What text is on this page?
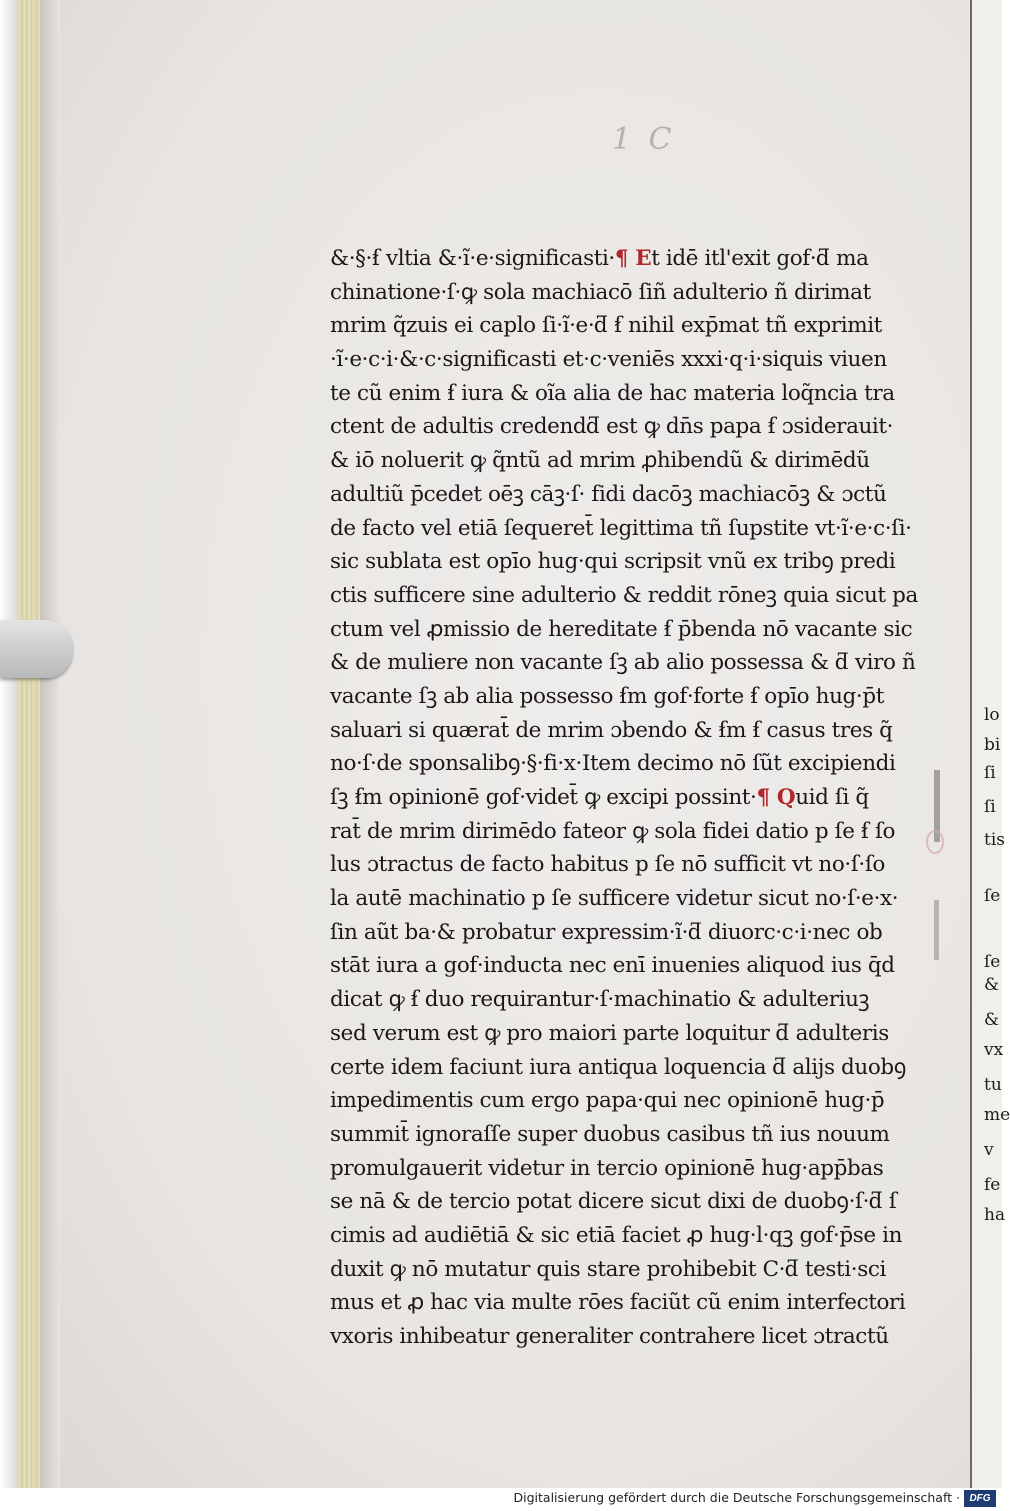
1 C
&·§·ẜ vltia &·ĩ·e·significasti·¶ Et idē itl'exit gof·ƌ ma
chinatione·ſ·ꝙ sola machiacō ſiñ adulterio ñ dirimat
mrim q̃zuis ei caplo ſi·ĩ·e·ƌ ẜ nihil exp̄mat tñ exprimit
·ĩ·e·c·i·&·c·significasti et·c·veniēs xxxi·q·i·siquis viuen
te cũ enim ẜ iura & oĩa alia de hac materia loq̃ncia tra
ctent de adultis credendƌ est ꝙ dn̄s papa ẜ ɔsiderauit·
& iō noluerit ꝙ q̃ntũ ad mrim ꝓhibendũ & dirimēdũ
adultiũ p̄cedet oēꝫ cāꝫ·ſ· fidi dacōꝫ machiacōꝫ & ɔctũ
de facto vel etiā ſequeret̄ legittima tñ ſupstite vt·ĩ·e·c·ſi·
sic sublata est opīo hug·qui scripsit vnũ ex tribꝯ predi
ctis sufficere sine adulterio & reddit rōneꝫ quia sicut pa
ctum vel ꝓmissio de hereditate ẜ p̄benda nō vacante sic
& de muliere non vacante ſꝫ ab alio possessa & ƌ viro ñ
vacante ſꝫ ab alia possesso ẜm gof·forte ẜ opīo hug·p̄t
saluari si quærat̄ de mrim ɔbendo & ẜm ẜ casus tres q̃
no·ſ·de sponsalibꝯ·§·fi·x·Item decimo nō ſũt excipiendi
ſꝫ ẜm opinionē gof·videt̄ ꝙ excipi possint·¶ Quid ſi q̃
rat̄ de mrim dirimēdo fateor ꝙ sola fidei datio p ſe ẜ ſo
lus ɔtractus de facto habitus p ſe nō sufficit vt no·ſ·ſo
la autē machinatio p ſe sufficere videtur sicut no·ſ·e·x·
ſin aũt ba·& probatur expressim·ĩ·ƌ diuorc·c·i·nec ob
stāt iura a gof·inducta nec enī inuenies aliquod ius q̄d
dicat ꝙ ẜ duo requirantur·ſ·machinatio & adulteriuꝫ
sed verum est ꝙ pro maiori parte loquitur ƌ adulteris
certe idem faciunt iura antiqua loquencia ƌ alijs duobꝯ
impedimentis cum ergo papa·qui nec opinionē hug·p̄
summit̄ ignoraſſe super duobus casibus tñ ius nouum
promulgauerit videtur in tercio opinionē hug·app̄bas
se nā & de tercio potat dicere sicut dixi de duobꝯ·ſ·ƌ ſ
cimis ad audiētiā & sic etiā faciet ꝓ hug·l·qꝫ gof·p̄se in
duxit ꝙ nō mutatur quis stare prohibebit C·ƌ testi·sci
mus et ꝓ hac via multe rōes faciũt cũ enim interfectori
vxoris inhibeatur generaliter contrahere licet ɔtractũ
lo
bi
ſi
ſi
tis
ſe
ſe
&
&
vx
tu
me
v
fe
ha
Digitalisierung gefördert durch die Deutsche Forschungsgemeinschaft · DFG
